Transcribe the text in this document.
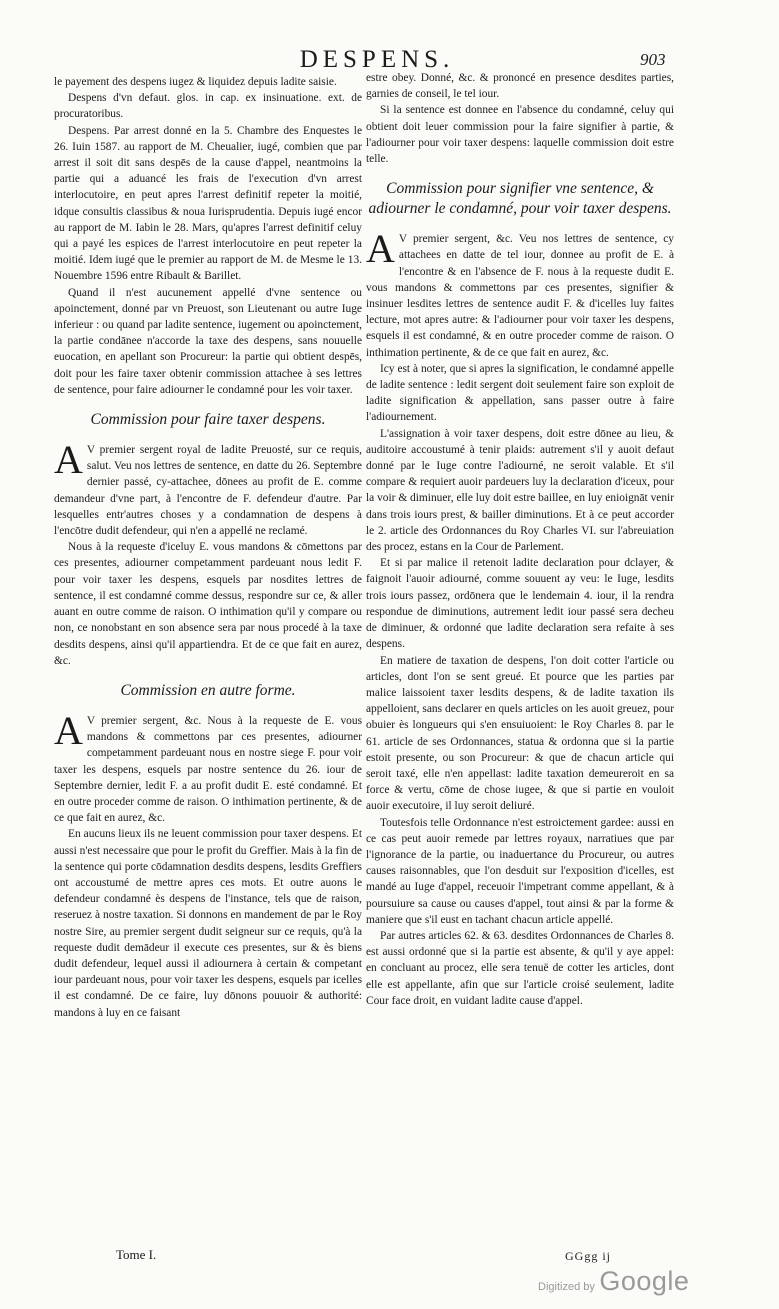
DESPENS.	903

le payement des despens iugez & liquidez depuis ladite saisie.

Despens d'vn defaut. glos. in cap. ex insinuatione. ext. de procuratoribus.

Despens. Par arrest donné en la 5. Chambre des Enquestes le 26. Iuin 1587. au rapport de M. Cheualier, iugé, combien que par arrest il soit dit sans despēs de la cause d'appel, neantmoins la partie qui a aduancé les frais de l'execution d'vn arrest interlocutoire, en peut apres l'arrest definitif repeter la moitié, idque consultis classibus & noua Iurisprudentia. Depuis iugé encor au rapport de M. Iabin le 28. Mars, qu'apres l'arrest definitif celuy qui a payé les espices de l'arrest interlocutoire en peut repeter la moitié. Idem iugé que le premier au rapport de M. de Mesme le 13. Nouembre 1596 entre Ribault & Barillet.

Quand il n'est aucunement appellé d'vne sentence ou apoinctement, donné par vn Preuost, son Lieutenant ou autre Iuge inferieur : ou quand par ladite sentence, iugement ou apoinctement, la partie condānee n'accorde la taxe des despens, sans nouuelle euocation, en apellant son Procureur: la partie qui obtient despēs, doit pour les faire taxer obtenir commission attachee à ses lettres de sentence, pour faire adiourner le condamné pour les voir taxer.

Commission pour faire taxer despens.

A V premier sergent royal de ladite Preuosté, sur ce requis, salut. Veu nos lettres de sentence, en datte du 26. Septembre dernier passé, cy-attachee, dōnees au profit de E. comme demandeur d'vne part, à l'encontre de F. defendeur d'autre. Par lesquelles entr'autres choses y a condamnation de despens à l'encōtre dudit defendeur, qui n'en a appellé ne reclamé.

Nous à la requeste d'iceluy E. vous mandons & cōmettons par ces presentes, adiourner competamment pardeuant nous ledit F. pour voir taxer les despens, esquels par nosdites lettres de sentence, il est condamné comme dessus, respondre sur ce, & aller auant en outre comme de raison. O inthimation qu'il y compare ou non, ce nonobstant en son absence sera par nous procedé à la taxe desdits despens, ainsi qu'il appartiendra. Et de ce que fait en aurez, &c.

Commission en autre forme.

A V premier sergent, &c. Nous à la requeste de E. vous mandons & commettons par ces presentes, adiourner competamment pardeuant nous en nostre siege F. pour voir taxer les despens, esquels par nostre sentence du 26. iour de Septembre dernier, ledit F. a au profit dudit E. esté condamné. Et en outre proceder comme de raison. O inthimation pertinente, & de ce que fait en aurez, &c.

En aucuns lieux ils ne leuent commission pour taxer despens. Et aussi n'est necessaire que pour le profit du Greffier. Mais à la fin de la sentence qui porte cōdamnation desdits despens, lesdits Greffiers ont accoustumé de mettre apres ces mots. Et outre auons le defendeur condamné ès despens de l'instance, tels que de raison, reseruez à nostre taxation. Si donnons en mandement de par le Roy nostre Sire, au premier sergent dudit seigneur sur ce requis, qu'à la requeste dudit demādeur il execute ces presentes, sur & ès biens dudit defendeur, lequel aussi il adiournera à certain & competant iour pardeuant nous, pour voir taxer les despens, esquels par icelles il est condamné. De ce faire, luy dōnons pouuoir & authorité: mandons à luy en ce faisant

estre obey. Donné, &c. & prononcé en presence desdites parties, garnies de conseil, le tel iour.

Si la sentence est donnee en l'absence du condamné, celuy qui obtient doit leuer commission pour la faire signifier à partie, & l'adiourner pour voir taxer despens: laquelle commission doit estre telle.

Commission pour signifier vne sentence, & adiourner le condamné, pour voir taxer despens.

A V premier sergent, &c. Veu nos lettres de sentence, cy attachees en datte de tel iour, donnee au profit de E. à l'encontre & en l'absence de F. nous à la requeste dudit E. vous mandons & commettons par ces presentes, signifier & insinuer lesdites lettres de sentence audit F. & d'icelles luy faites lecture, mot apres autre: & l'adiourner pour voir taxer les despens, esquels il est condamné, & en outre proceder comme de raison. O inthimation pertinente, & de ce que fait en aurez, &c.

Icy est à noter, que si apres la signification, le condamné appelle de ladite sentence : ledit sergent doit seulement faire son exploit de ladite signification & appellation, sans passer outre à faire l'adiournement.

L'assignation à voir taxer despens, doit estre dōnee au lieu, & auditoire accoustumé à tenir plaids: autrement s'il y auoit defaut donné par le Iuge contre l'adiourné, ne seroit valable. Et s'il compare & requiert auoir pardeuers luy la declaration d'iceux, pour la voir & diminuer, elle luy doit estre baillee, en luy enioignāt venir dans trois iours prest, & bailler diminutions. Et à ce peut accorder le 2. article des Ordonnances du Roy Charles VI. sur l'abreuiation des procez, estans en la Cour de Parlement.

Et si par malice il retenoit ladite declaration pour dclayer, & faignoit l'auoir adiourné, comme souuent ay veu: le Iuge, lesdits trois iours passez, ordōnera que le lendemain 4. iour, il la rendra respondue de diminutions, autrement ledit iour passé sera decheu de diminuer, & ordonné que ladite declaration sera refaite à ses despens.

En matiere de taxation de despens, l'on doit cotter l'article ou articles, dont l'on se sent greué. Et pource que les parties par malice laissoient taxer lesdits despens, & de ladite taxation ils appelloient, sans declarer en quels articles on les auoit greuez, pour obuier ès longueurs qui s'en ensuiuoient: le Roy Charles 8. par le 61. article de ses Ordonnances, statua & ordonna que si la partie estoit presente, ou son Procureur: & que de chacun article qui seroit taxé, elle n'en appellast: ladite taxation demeureroit en sa force & vertu, cōme de chose iugee, & que si partie en vouloit auoir executoire, il luy seroit deliuré.

Toutesfois telle Ordonnance n'est estroictement gardee: aussi en ce cas peut auoir remede par lettres royaux, narratiues que par l'ignorance de la partie, ou inaduertance du Procureur, ou autres causes raisonnables, que l'on desduit sur l'exposition d'icelles, est mandé au Iuge d'appel, receuoir l'impetrant comme appellant, & à poursuiure sa cause ou causes d'appel, tout ainsi & par la forme & maniere que s'il eust en tachant chacun article appellé.

Par autres articles 62. & 63. desdites Ordonnances de Charles 8. est aussi ordonné que si la partie est absente, & qu'il y aye appel: en concluant au procez, elle sera tenuë de cotter les articles, dont elle est appellante, afin que sur l'article croisé seulement, ladite Cour face droit, en vuidant ladite cause d'appel.

Tome I.	GGgg ij
Digitized by Google
